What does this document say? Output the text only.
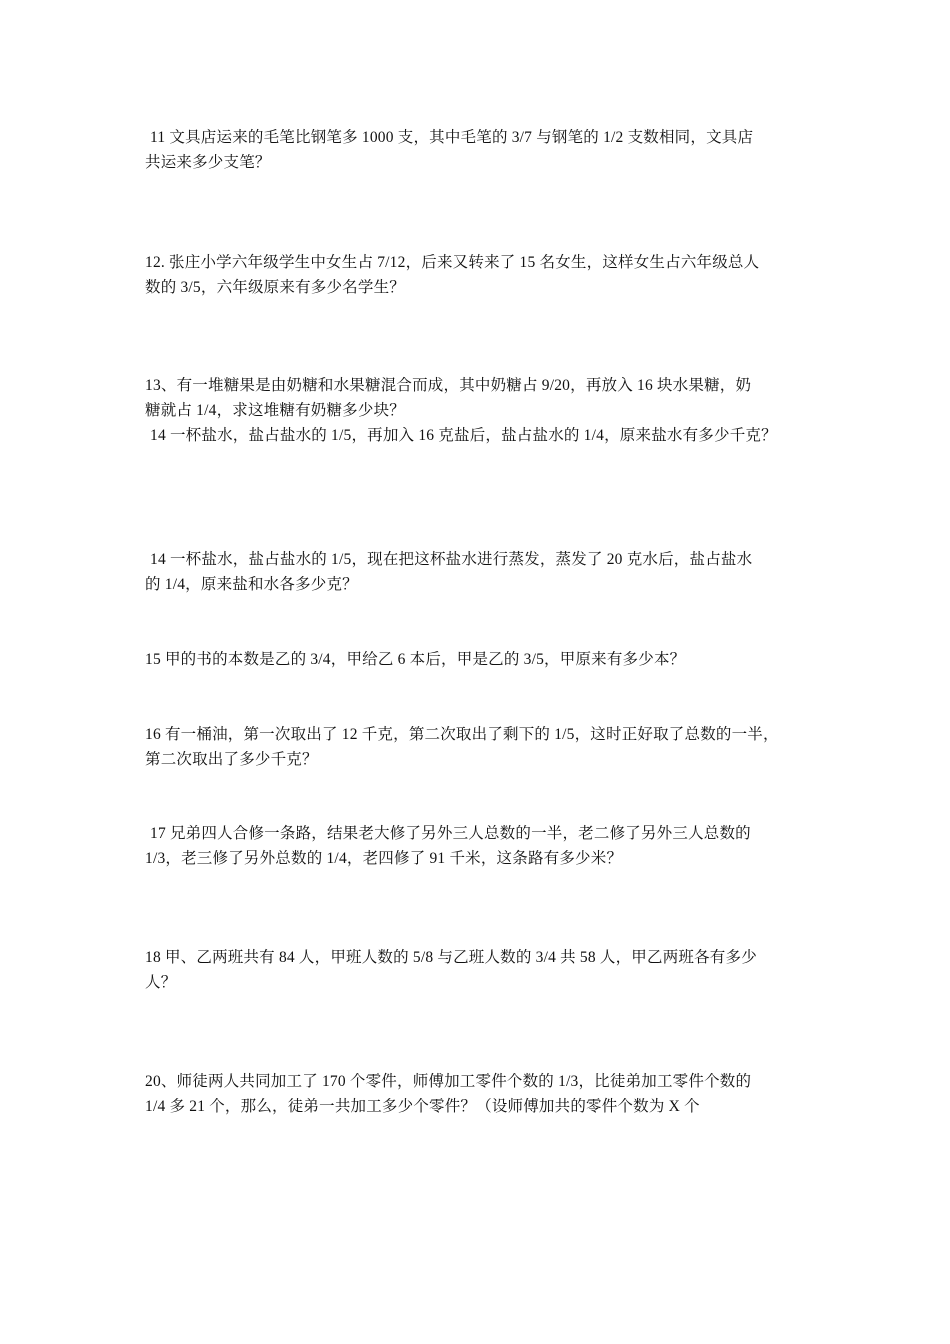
11 文具店运来的毛笔比钢笔多 1000 支，其中毛笔的 3/7 与钢笔的 1/2 支数相同，文具店
共运来多少支笔？
12. 张庄小学六年级学生中女生占 7/12，后来又转来了 15 名女生，这样女生占六年级总人
数的 3/5，六年级原来有多少名学生？
13、有一堆糖果是由奶糖和水果糖混合而成，其中奶糖占 9/20，再放入 16 块水果糖，奶
糖就占 1/4，求这堆糖有奶糖多少块？
14 一杯盐水，盐占盐水的 1/5，再加入 16 克盐后，盐占盐水的 1/4，原来盐水有多少千克？
14 一杯盐水，盐占盐水的 1/5，现在把这杯盐水进行蒸发，蒸发了 20 克水后，盐占盐水
的 1/4，原来盐和水各多少克？
15 甲的书的本数是乙的 3/4，甲给乙 6 本后，甲是乙的 3/5，甲原来有多少本？
16 有一桶油，第一次取出了 12 千克，第二次取出了剩下的 1/5，这时正好取了总数的一半，
第二次取出了多少千克？
17 兄弟四人合修一条路，结果老大修了另外三人总数的一半，老二修了另外三人总数的
1/3，老三修了另外总数的 1/4，老四修了 91 千米，这条路有多少米？
18 甲、乙两班共有 84 人，甲班人数的 5/8 与乙班人数的 3/4 共 58 人，甲乙两班各有多少
人？
20、师徒两人共同加工了 170 个零件，师傅加工零件个数的 1/3，比徒弟加工零件个数的
1/4 多 21 个，那么，徒弟一共加工多少个零件？（设师傅加共的零件个数为 X 个
